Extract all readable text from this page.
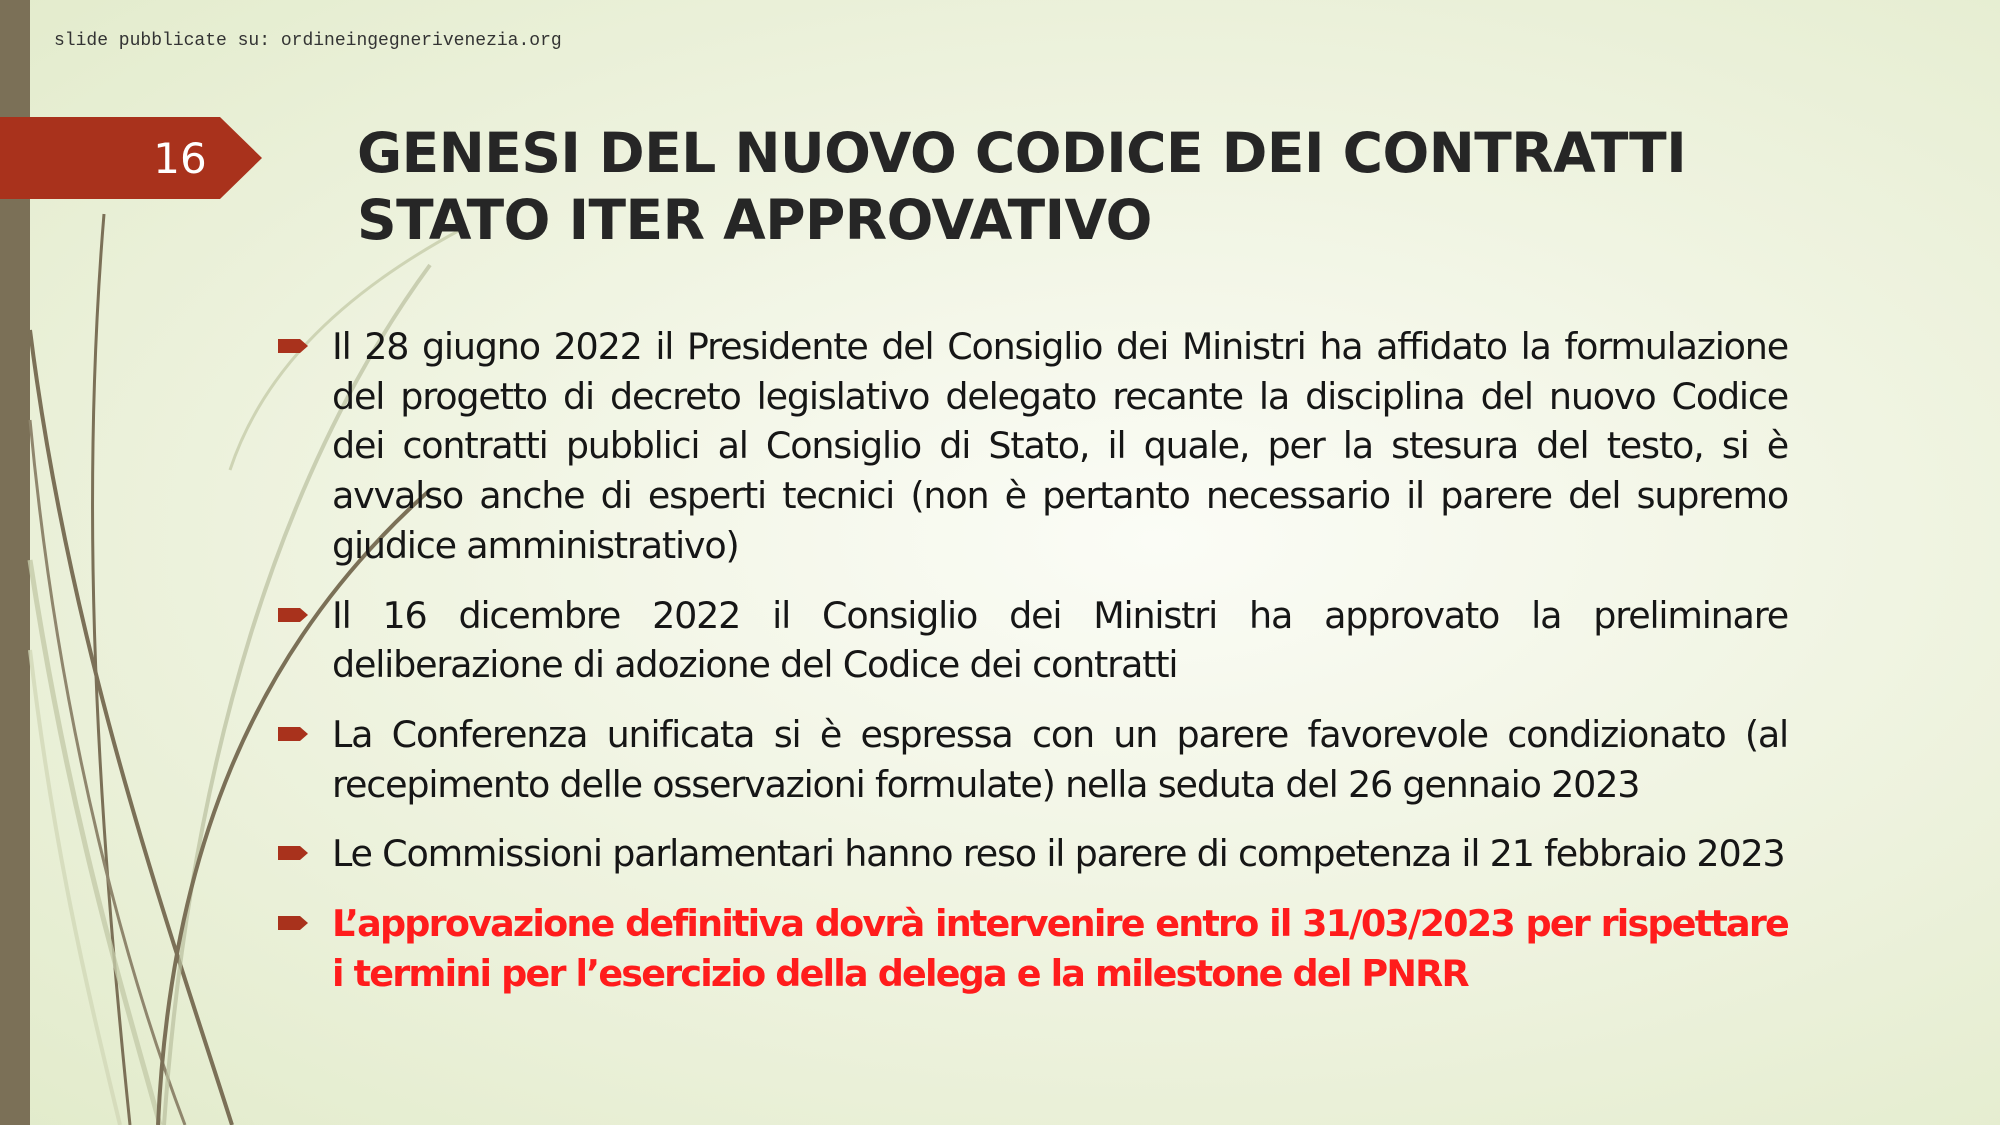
slide pubblicate su: ordineingegnerivenezia.org
16	GENESI DEL NUOVO CODICE DEI CONTRATTI
STATO ITER APPROVATIVO
Il 28 giugno 2022 il Presidente del Consiglio dei Ministri ha affidato la formulazione del progetto di decreto legislativo delegato recante la disciplina del nuovo Codice dei contratti pubblici al Consiglio di Stato, il quale, per la stesura del testo, si è avvalso anche di esperti tecnici (non è pertanto necessario il parere del supremo giudice amministrativo)
Il 16 dicembre 2022 il Consiglio dei Ministri ha approvato la preliminare deliberazione di adozione del Codice dei contratti
La Conferenza unificata si è espressa con un parere favorevole condizionato (al recepimento delle osservazioni formulate) nella seduta del 26 gennaio 2023
Le Commissioni parlamentari hanno reso il parere di competenza il 21 febbraio 2023
L’approvazione definitiva dovrà intervenire entro il 31/03/2023 per rispettare i termini per l’esercizio della delega e la milestone del PNRR
